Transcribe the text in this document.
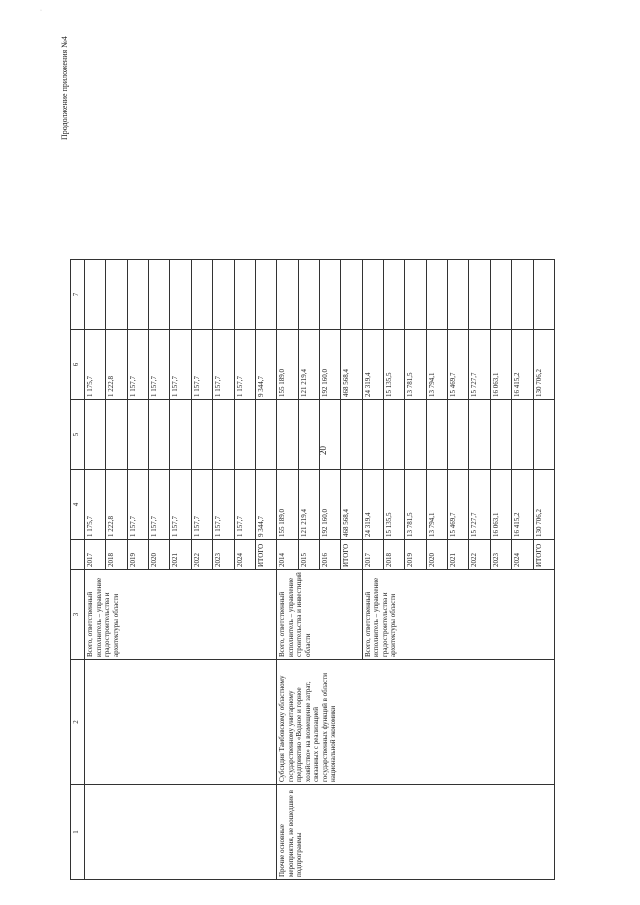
·
Продолжение приложения №4
20
1	2	3		4	5	6	7	
		Всего, ответственный исполнитель – управление градостроительства и архитектуры области	2017	1 175,7		1 175,7		
			2018	1 222,8		1 222,8		
			2019	1 157,7		1 157,7		
			2020	1 157,7		1 157,7		
			2021	1 157,7		1 157,7		
			2022	1 157,7		1 157,7		
			2023	1 157,7		1 157,7		
			2024	1 157,7		1 157,7		
			ИТОГО	9 344,7		9 344,7		
Прочие основные мероприятия, не вошедшие в подпрограммы	Субсидия Тамбовскому областному государственному унитарному предприятию «Водное и горное хозяйство» на возмещение затрат, связанных с реализацией государственных функций в области национальной экономики	Всего, ответственный исполнитель – управление строительства и инвестиций области	2014	155 189,0		155 189,0		
			2015	121 219,4		121 219,4		
			2016	192 160,0		192 160,0		
			ИТОГО	468 568,4		468 568,4		
		Всего, ответственный исполнитель – управление градостроительства и архитектуры области	2017	24 319,4		24 319,4		
			2018	15 135,5		15 135,5		
			2019	13 781,5		13 781,5		
			2020	13 794,1		13 794,1		
			2021	15 469,7		15 469,7		
			2022	15 727,7		15 727,7		
			2023	16 063,1		16 063,1		
			2024	16 415,2		16 415,2		
			ИТОГО	130 706,2		130 706,2		
